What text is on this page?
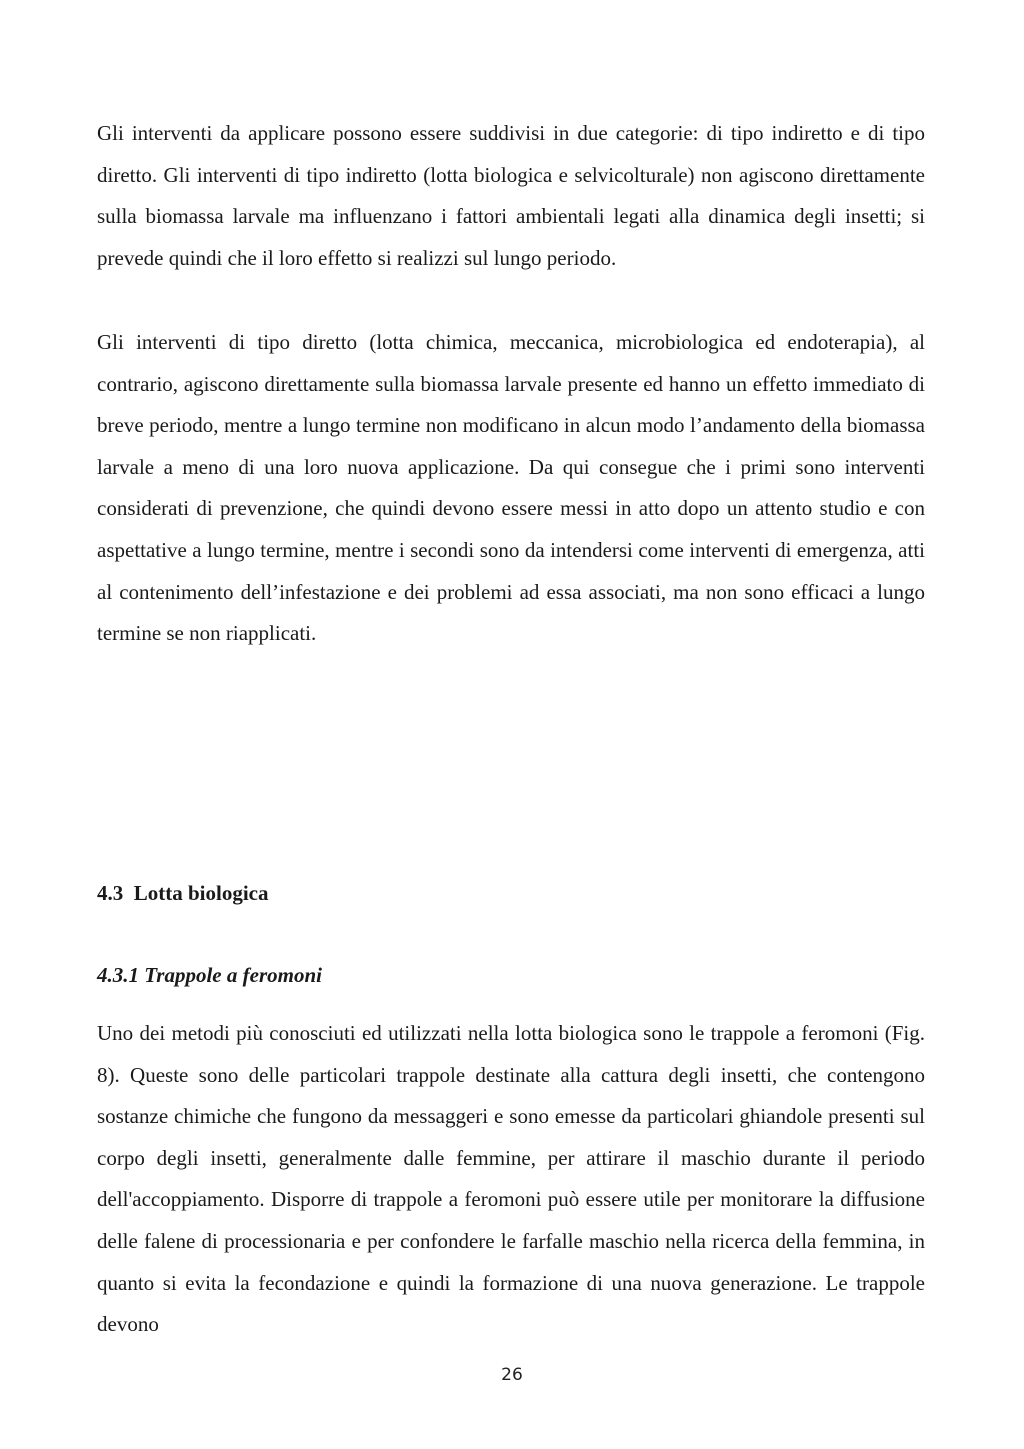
Gli interventi da applicare possono essere suddivisi in due categorie: di tipo indiretto e di tipo diretto. Gli interventi di tipo indiretto (lotta biologica e selvicolturale) non agiscono direttamente sulla biomassa larvale ma influenzano i fattori ambientali legati alla dinamica degli insetti; si prevede quindi che il loro effetto si realizzi sul lungo periodo.

Gli interventi di tipo diretto (lotta chimica, meccanica, microbiologica ed endoterapia), al contrario, agiscono direttamente sulla biomassa larvale presente ed hanno un effetto immediato di breve periodo, mentre a lungo termine non modificano in alcun modo l’andamento della biomassa larvale a meno di una loro nuova applicazione. Da qui consegue che i primi sono interventi considerati di prevenzione, che quindi devono essere messi in atto dopo un attento studio e con aspettative a lungo termine, mentre i secondi sono da intendersi come interventi di emergenza, atti al contenimento dell’infestazione e dei problemi ad essa associati, ma non sono efficaci a lungo termine se non riapplicati.

4.3  Lotta biologica
4.3.1 Trappole a feromoni

Uno dei metodi più conosciuti ed utilizzati nella lotta biologica sono le trappole a feromoni (Fig. 8). Queste sono delle particolari trappole destinate alla cattura degli insetti, che contengono sostanze chimiche che fungono da messaggeri e sono emesse da particolari ghiandole presenti sul corpo degli insetti, generalmente dalle femmine, per attirare il maschio durante il periodo dell'accoppiamento. Disporre di trappole a feromoni può essere utile per monitorare la diffusione delle falene di processionaria e per confondere le farfalle maschio nella ricerca della femmina, in quanto si evita la fecondazione e quindi la formazione di una nuova generazione. Le trappole devono

26
